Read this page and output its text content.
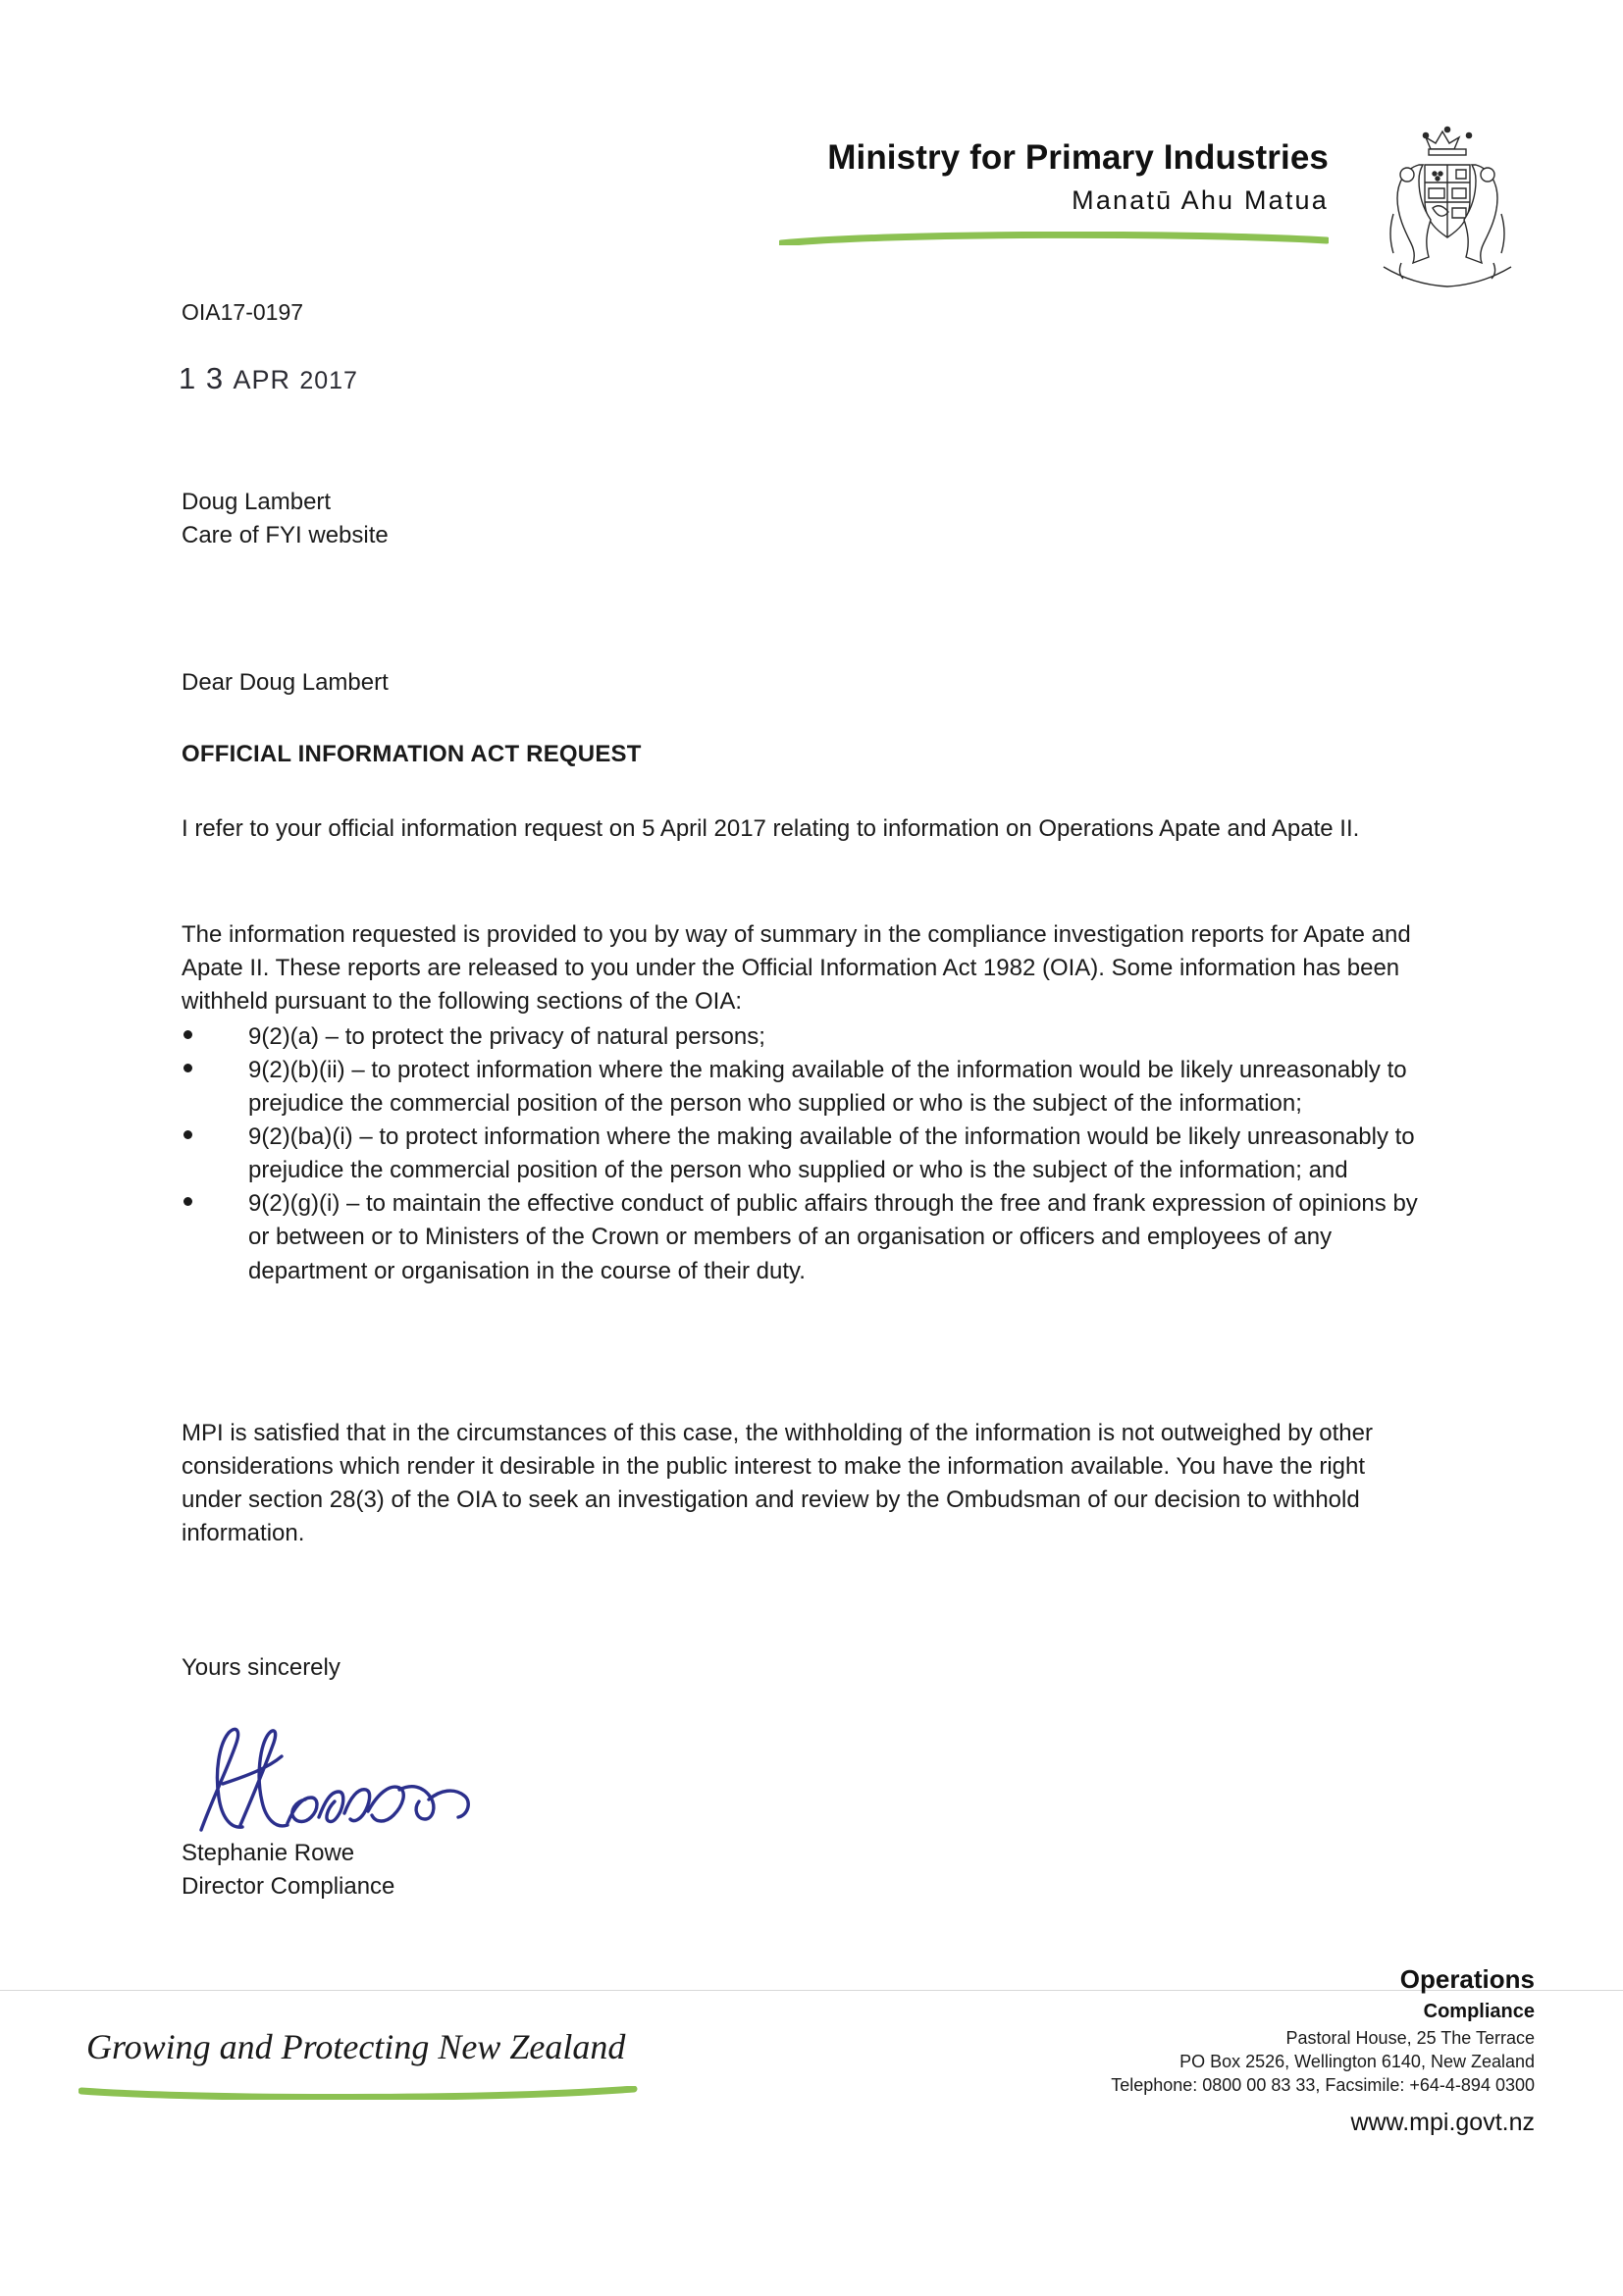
Ministry for Primary Industries
Manatū Ahu Matua
OIA17-0197
1 3 APR 2017
Doug Lambert
Care of FYI website
Dear Doug Lambert
OFFICIAL INFORMATION ACT REQUEST
I refer to your official information request on 5 April 2017 relating to information on Operations Apate and Apate II.
The information requested is provided to you by way of summary in the compliance investigation reports for Apate and Apate II. These reports are released to you under the Official Information Act 1982 (OIA). Some information has been withheld pursuant to the following sections of the OIA:
9(2)(a) – to protect the privacy of natural persons;
9(2)(b)(ii) – to protect information where the making available of the information would be likely unreasonably to prejudice the commercial position of the person who supplied or who is the subject of the information;
9(2)(ba)(i) – to protect information where the making available of the information would be likely unreasonably to prejudice the commercial position of the person who supplied or who is the subject of the information; and
9(2)(g)(i) – to maintain the effective conduct of public affairs through the free and frank expression of opinions by or between or to Ministers of the Crown or members of an organisation or officers and employees of any department or organisation in the course of their duty.
MPI is satisfied that in the circumstances of this case, the withholding of the information is not outweighed by other considerations which render it desirable in the public interest to make the information available. You have the right under section 28(3) of the OIA to seek an investigation and review by the Ombudsman of our decision to withhold information.
Yours sincerely
Stephanie Rowe
Director Compliance
Growing and Protecting New Zealand
Operations
Compliance
Pastoral House, 25 The Terrace
PO Box 2526, Wellington 6140, New Zealand
Telephone: 0800 00 83 33, Facsimile: +64-4-894 0300
www.mpi.govt.nz
